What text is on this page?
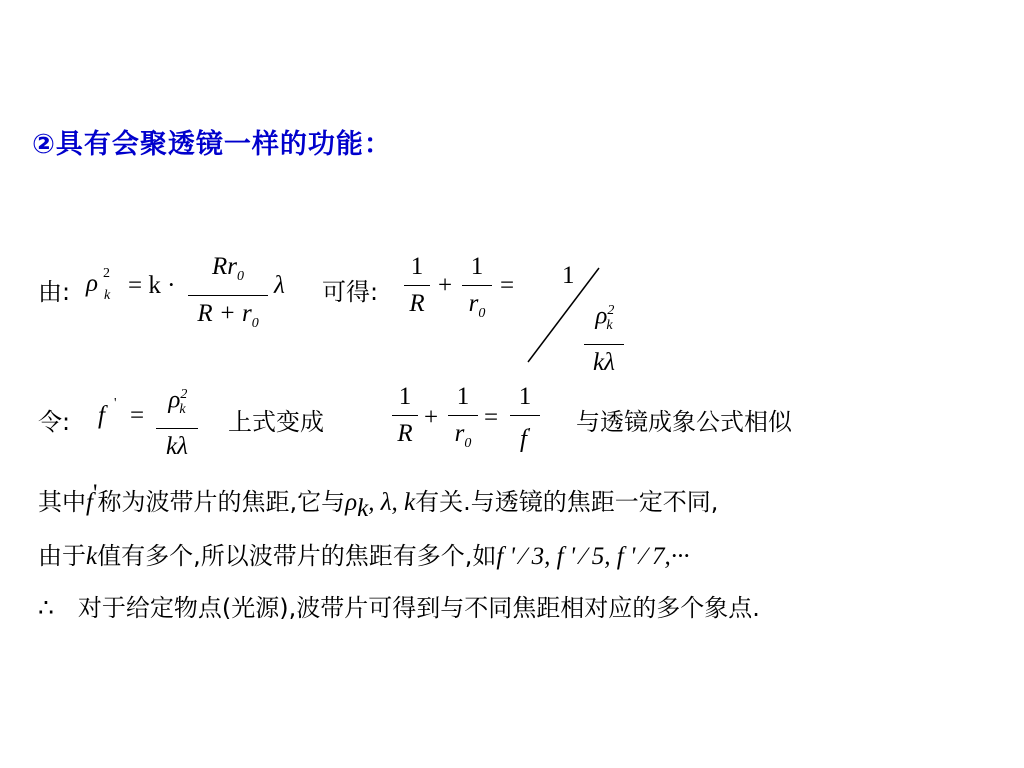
②具有会聚透镜一样的功能：
由: ρ 2
k = k ·
$Rr_0$
$R + r_0$
λ 可得:
1
R
+
1
$r_0$
= 1
$\rho^2_k$
kλ
令: f ' =
$\rho^2_k$
kλ
上式变成
1
R
+
1
$r_0$
=
1
f'	与透镜成象公式相似
其中f'称为波带片的焦距,它与$\rho_k$, λ, k有关.与透镜的焦距一定不同,
由于k值有多个,所以波带片的焦距有多个,如f ' ⁄ 3, f ' ⁄ 5, f ' ⁄ 7,···
∴ 对于给定物点(光源),波带片可得到与不同焦距相对应的多个象点.
